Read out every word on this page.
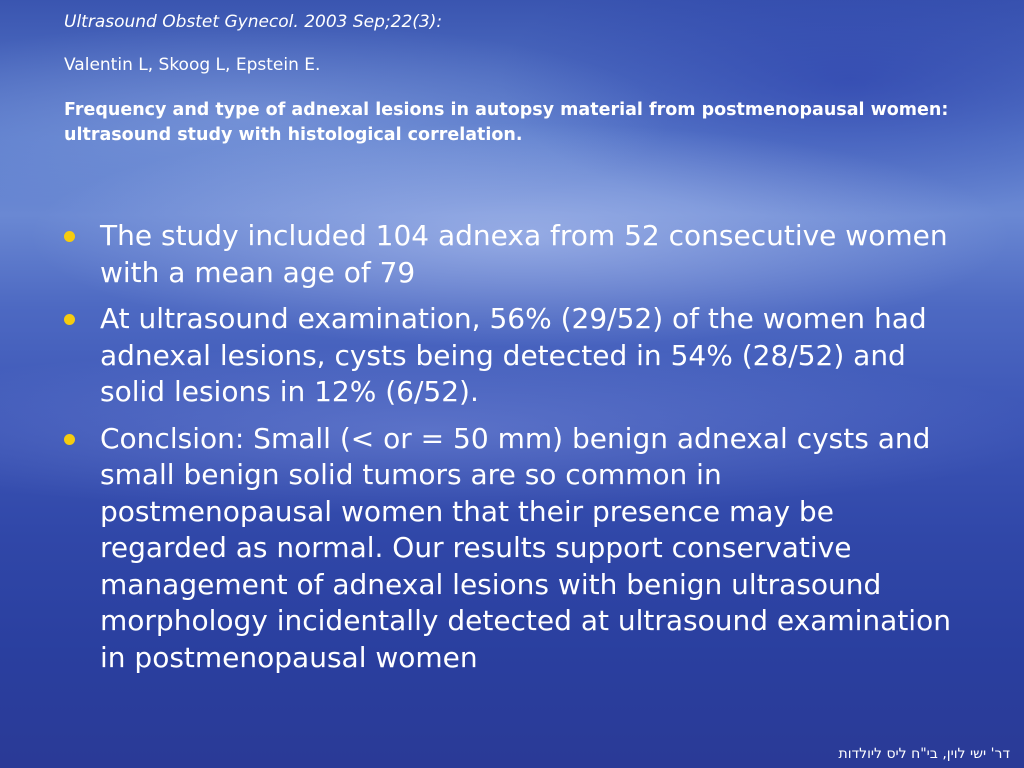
Ultrasound Obstet Gynecol. 2003 Sep;22(3):

Valentin L, Skoog L, Epstein E.

Frequency and type of adnexal lesions in autopsy material from postmenopausal women: ultrasound study with histological correlation.

The study included 104 adnexa from 52 consecutive women with a mean age of 79
At ultrasound examination, 56% (29/52) of the women had adnexal lesions, cysts being detected in 54% (28/52) and solid lesions in 12% (6/52).
Conclsion: Small (< or = 50 mm) benign adnexal cysts and small benign solid tumors are so common in postmenopausal women that their presence may be regarded as normal. Our results support conservative management of adnexal lesions with benign ultrasound morphology incidentally detected at ultrasound examination in postmenopausal women
דר' ישי לוין, בי"ח ליס ליולדות
